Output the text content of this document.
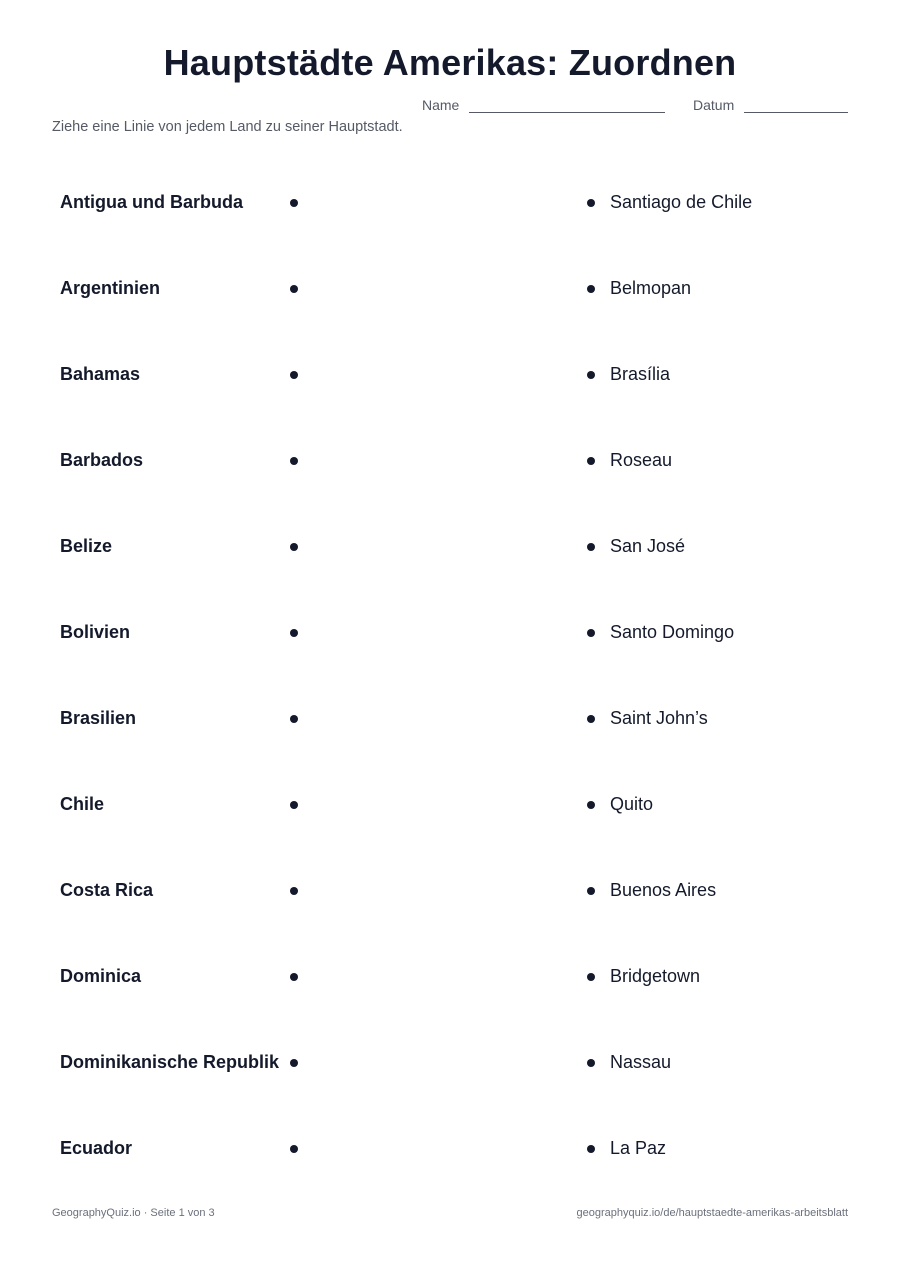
Hauptstädte Amerikas: Zuordnen
Name	Datum
Ziehe eine Linie von jedem Land zu seiner Hauptstadt.
Antigua und Barbuda	Santiago de Chile
Argentinien	Belmopan
Bahamas	Brasília
Barbados	Roseau
Belize	San José
Bolivien	Santo Domingo
Brasilien	Saint John’s
Chile	Quito
Costa Rica	Buenos Aires
Dominica	Bridgetown
Dominikanische Republik	Nassau
Ecuador	La Paz
GeographyQuiz.io · Seite 1 von 3	geographyquiz.io/de/hauptstaedte-amerikas-arbeitsblatt
